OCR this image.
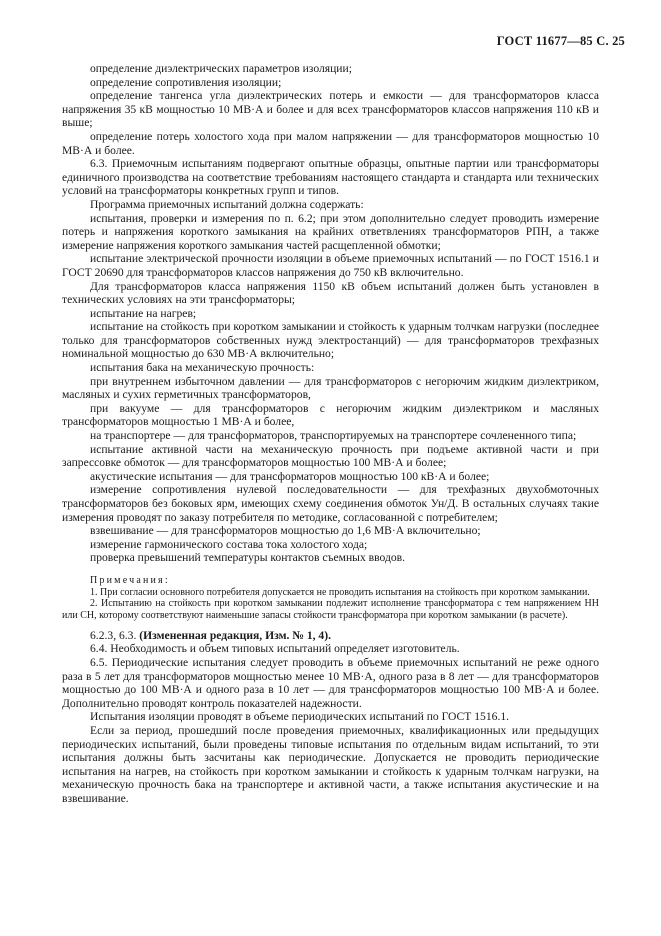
ГОСТ 11677—85 С. 25

определение диэлектрических параметров изоляции;

определение сопротивления изоляции;

определение тангенса угла диэлектрических потерь и емкости — для трансформаторов класса напряжения 35 кВ мощностью 10 МВ·А и более и для всех трансформаторов классов напряжения 110 кВ и выше;

определение потерь холостого хода при малом напряжении — для трансформаторов мощностью 10 МВ·А и более.

6.3. Приемочным испытаниям подвергают опытные образцы, опытные партии или трансформаторы единичного производства на соответствие требованиям настоящего стандарта и стандарта или технических условий на трансформаторы конкретных групп и типов.

Программа приемочных испытаний должна содержать:

испытания, проверки и измерения по п. 6.2; при этом дополнительно следует проводить измерение потерь и напряжения короткого замыкания на крайних ответвлениях трансформаторов РПН, а также измерение напряжения короткого замыкания частей расщепленной обмотки;

испытание электрической прочности изоляции в объеме приемочных испытаний — по ГОСТ 1516.1 и ГОСТ 20690 для трансформаторов классов напряжения до 750 кВ включительно.

Для трансформаторов класса напряжения 1150 кВ объем испытаний должен быть установлен в технических условиях на эти трансформаторы;

испытание на нагрев;

испытание на стойкость при коротком замыкании и стойкость к ударным толчкам нагрузки (последнее только для трансформаторов собственных нужд электростанций) — для трансформаторов трехфазных номинальной мощностью до 630 МВ·А включительно;

испытания бака на механическую прочность:

при внутреннем избыточном давлении — для трансформаторов с негорючим жидким диэлектриком, масляных и сухих герметичных трансформаторов,

при вакууме — для трансформаторов с негорючим жидким диэлектриком и масляных трансформаторов мощностью 1 МВ·А и более,

на транспортере — для трансформаторов, транспортируемых на транспортере сочлененного типа;

испытание активной части на механическую прочность при подъеме активной части и при запрессовке обмоток — для трансформаторов мощностью 100 МВ·А и более;

акустические испытания — для трансформаторов мощностью 100 кВ·А и более;

измерение сопротивления нулевой последовательности — для трехфазных двухобмоточных трансформаторов без боковых ярм, имеющих схему соединения обмоток Ун/Д. В остальных случаях такие измерения проводят по заказу потребителя по методике, согласованной с потребителем;

взвешивание — для трансформаторов мощностью до 1,6 МВ·А включительно;

измерение гармонического состава тока холостого хода;

проверка превышений температуры контактов съемных вводов.

Примечания:

1. При согласии основного потребителя допускается не проводить испытания на стойкость при коротком замыкании.

2. Испытанию на стойкость при коротком замыкании подлежит исполнение трансформатора с тем напряжением НН или СН, которому соответствуют наименьшие запасы стойкости трансформатора при коротком замыкании (в расчете).

6.2.3, 6.3. (Измененная редакция, Изм. № 1, 4).

6.4. Необходимость и объем типовых испытаний определяет изготовитель.

6.5. Периодические испытания следует проводить в объеме приемочных испытаний не реже одного раза в 5 лет для трансформаторов мощностью менее 10 МВ·А, одного раза в 8 лет — для трансформаторов мощностью до 100 МВ·А и одного раза в 10 лет — для трансформаторов мощностью 100 МВ·А и более. Дополнительно проводят контроль показателей надежности.

Испытания изоляции проводят в объеме периодических испытаний по ГОСТ 1516.1.

Если за период, прошедший после проведения приемочных, квалификационных или предыдущих периодических испытаний, были проведены типовые испытания по отдельным видам испытаний, то эти испытания должны быть засчитаны как периодические. Допускается не проводить периодические испытания на нагрев, на стойкость при коротком замыкании и стойкость к ударным толчкам нагрузки, на механическую прочность бака на транспортере и активной части, а также испытания акустические и на взвешивание.
